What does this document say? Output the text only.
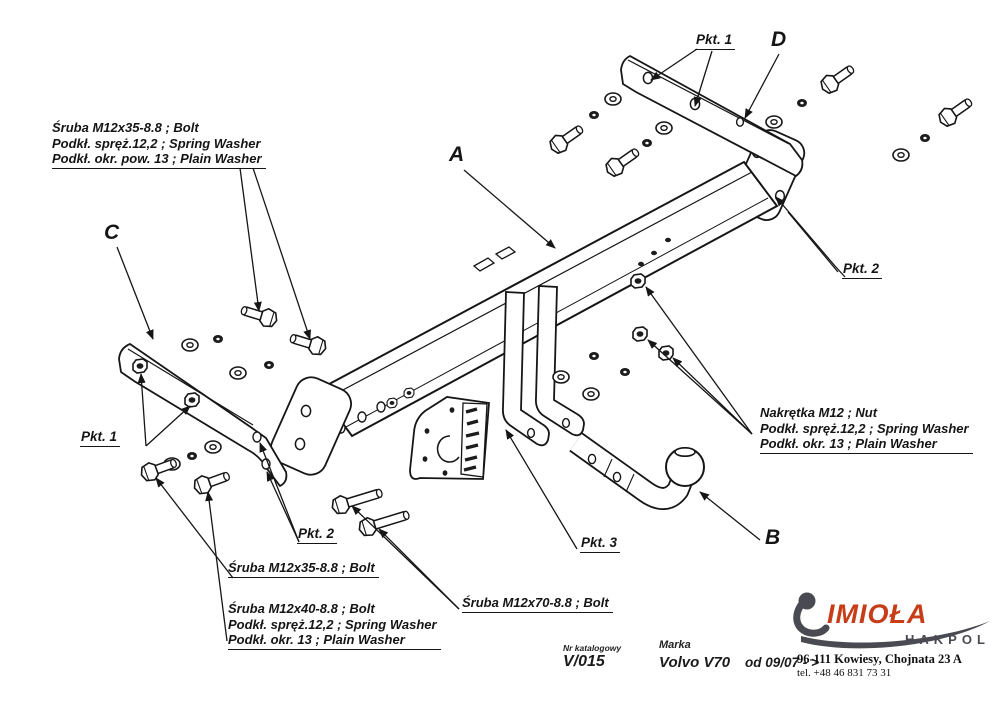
IMIOŁA
HAKPOL
Śruba M12x35-8.8 ; Bolt
Podkł. spręż.12,2 ; Spring Washer
Podkł. okr. pow. 13 ; Plain Washer
Nakrętka M12 ; Nut
Podkł. spręż.12,2 ; Spring Washer
Podkł. okr. 13 ; Plain Washer
Śruba M12x35-8.8 ; Bolt
Śruba M12x40-8.8 ; Bolt
Podkł. spręż.12,2 ; Spring Washer
Podkł. okr. 13 ; Plain Washer
Śruba M12x70-8.8 ; Bolt
Pkt. 1
Pkt. 1
Pkt. 2
Pkt. 2
Pkt. 3
A
B
C
D
Nr katalogowy
V/015
Marka
Volvo V70 od 09/07 - >
96-111 Kowiesy, Chojnata 23 A
tel. +48 46 831 73 31
